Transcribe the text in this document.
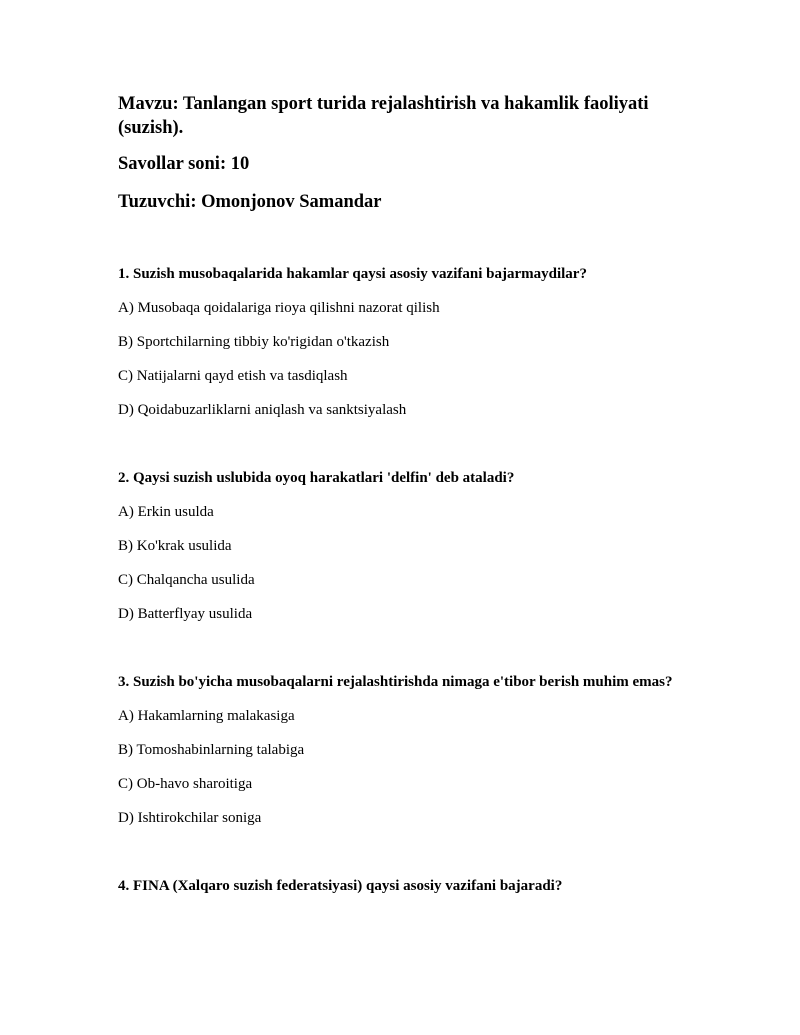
Mavzu: Tanlangan sport turida rejalashtirish va hakamlik faoliyati (suzish).

Savollar soni: 10

Tuzuvchi: Omonjonov Samandar

1. Suzish musobaqalarida hakamlar qaysi asosiy vazifani bajarmaydilar?

A) Musobaqa qoidalariga rioya qilishni nazorat qilish

B) Sportchilarning tibbiy ko'rigidan o'tkazish

C) Natijalarni qayd etish va tasdiqlash

D) Qoidabuzarliklarni aniqlash va sanktsiyalash

2. Qaysi suzish uslubida oyoq harakatlari 'delfin' deb ataladi?

A) Erkin usulda

B) Ko'krak usulida

C) Chalqancha usulida

D) Batterflyay usulida

3. Suzish bo'yicha musobaqalarni rejalashtirishda nimaga e'tibor berish muhim emas?

A) Hakamlarning malakasiga

B) Tomoshabinlarning talabiga

C) Ob-havo sharoitiga

D) Ishtirokchilar soniga

4. FINA (Xalqaro suzish federatsiyasi) qaysi asosiy vazifani bajaradi?
